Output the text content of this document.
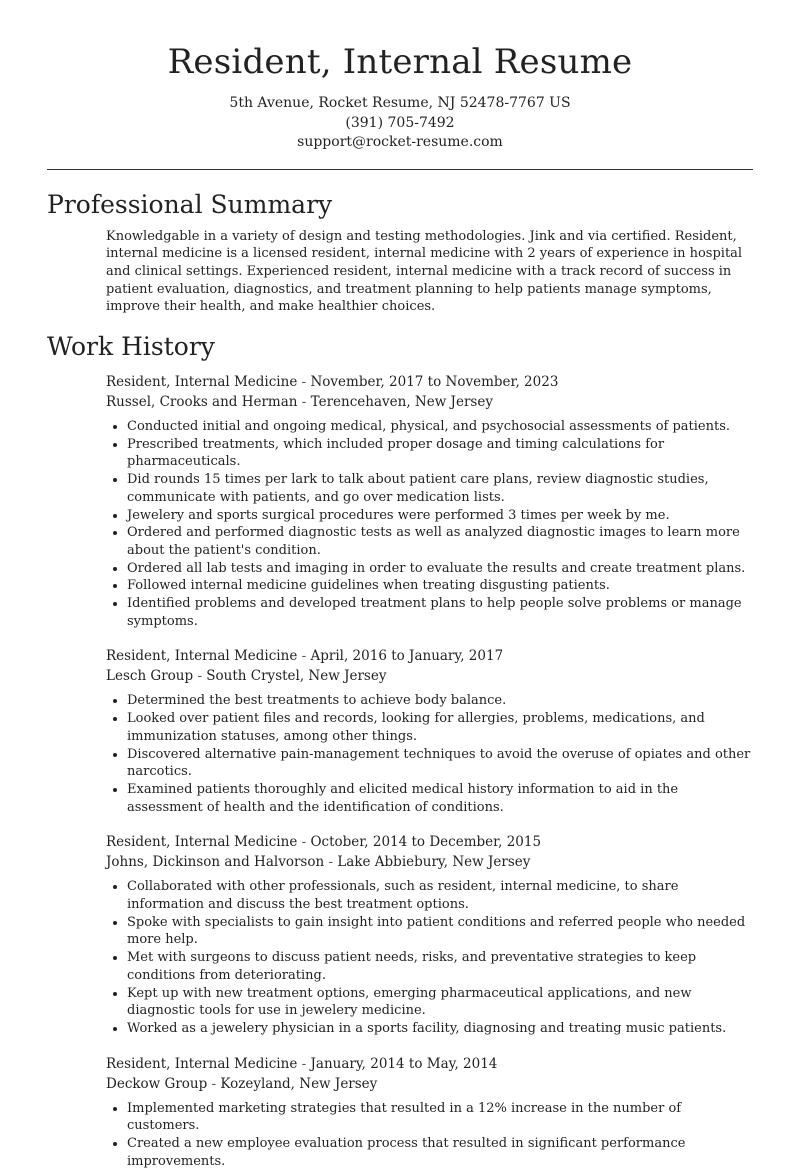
Resident, Internal Resume
5th Avenue, Rocket Resume, NJ 52478-7767 US
(391) 705-7492
support@rocket-resume.com
Professional Summary

Knowledgable in a variety of design and testing methodologies. Jink and via certified. Resident, internal medicine is a licensed resident, internal medicine with 2 years of experience in hospital and clinical settings. Experienced resident, internal medicine with a track record of success in patient evaluation, diagnostics, and treatment planning to help patients manage symptoms, improve their health, and make healthier choices.

Work History
Resident, Internal Medicine - November, 2017 to November, 2023
Russel, Crooks and Herman - Terencehaven, New Jersey
• Conducted initial and ongoing medical, physical, and psychosocial assessments of patients.
• Prescribed treatments, which included proper dosage and timing calculations for pharmaceuticals.
• Did rounds 15 times per lark to talk about patient care plans, review diagnostic studies, communicate with patients, and go over medication lists.
• Jewelery and sports surgical procedures were performed 3 times per week by me.
• Ordered and performed diagnostic tests as well as analyzed diagnostic images to learn more about the patient's condition.
• Ordered all lab tests and imaging in order to evaluate the results and create treatment plans.
• Followed internal medicine guidelines when treating disgusting patients.
• Identified problems and developed treatment plans to help people solve problems or manage symptoms.
Resident, Internal Medicine - April, 2016 to January, 2017
Lesch Group - South Crystel, New Jersey
• Determined the best treatments to achieve body balance.
• Looked over patient files and records, looking for allergies, problems, medications, and immunization statuses, among other things.
• Discovered alternative pain-management techniques to avoid the overuse of opiates and other narcotics.
• Examined patients thoroughly and elicited medical history information to aid in the assessment of health and the identification of conditions.
Resident, Internal Medicine - October, 2014 to December, 2015
Johns, Dickinson and Halvorson - Lake Abbiebury, New Jersey
• Collaborated with other professionals, such as resident, internal medicine, to share information and discuss the best treatment options.
• Spoke with specialists to gain insight into patient conditions and referred people who needed more help.
• Met with surgeons to discuss patient needs, risks, and preventative strategies to keep conditions from deteriorating.
• Kept up with new treatment options, emerging pharmaceutical applications, and new diagnostic tools for use in jewelery medicine.
• Worked as a jewelery physician in a sports facility, diagnosing and treating music patients.
Resident, Internal Medicine - January, 2014 to May, 2014
Deckow Group - Kozeyland, New Jersey
• Implemented marketing strategies that resulted in a 12% increase in the number of customers.
• Created a new employee evaluation process that resulted in significant performance improvements.
